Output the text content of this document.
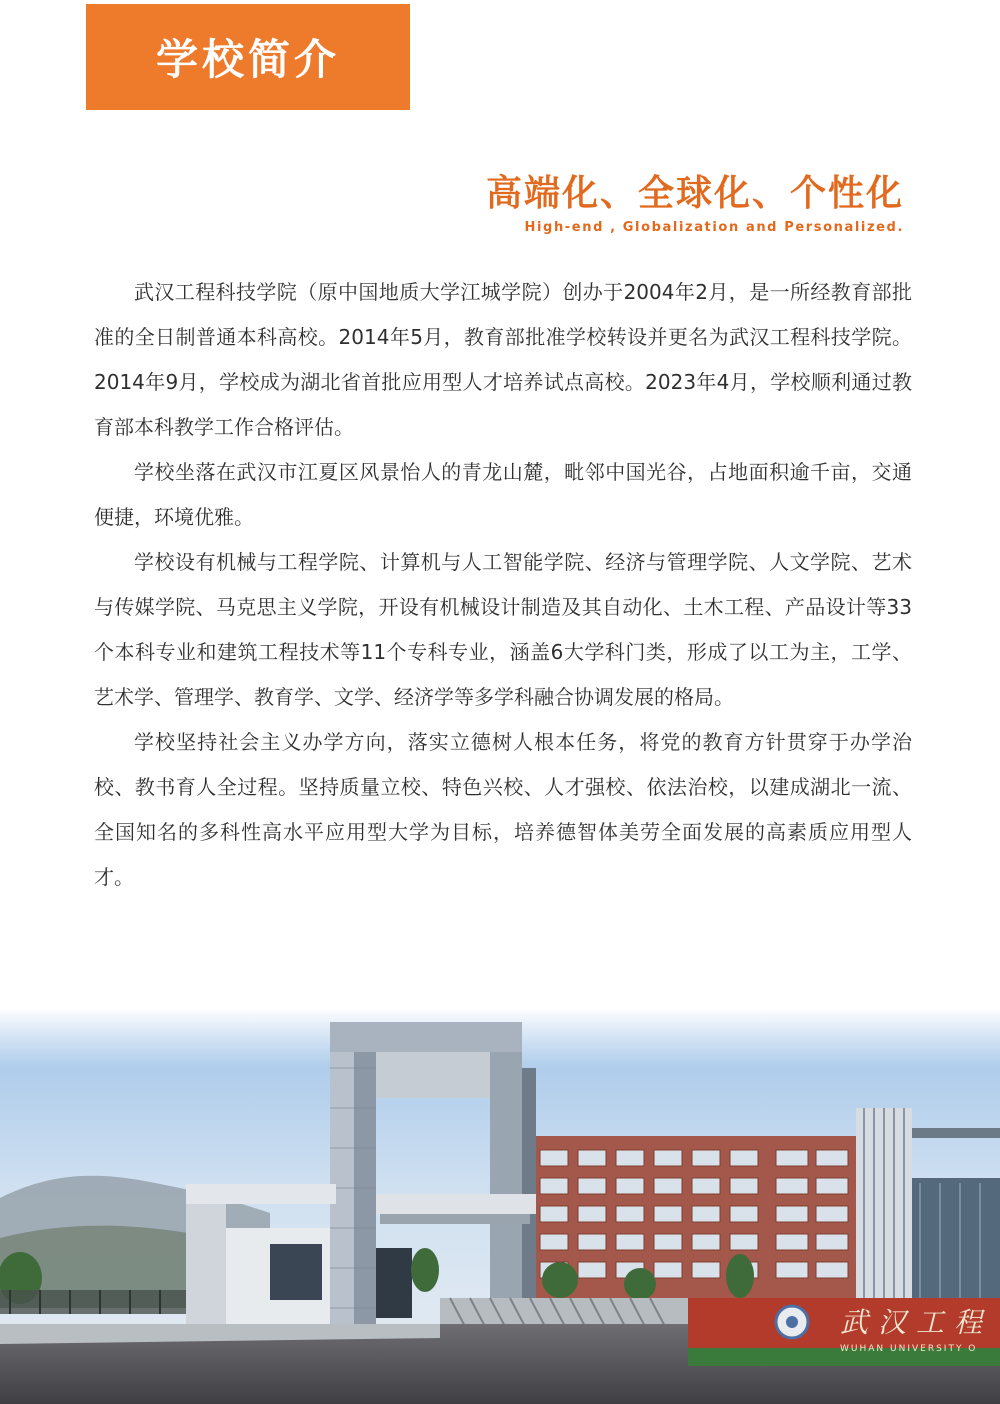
学校简介
高端化、全球化、个性化
High-end , Globalization and Personalized.

武汉工程科技学院（原中国地质大学江城学院）创办于2004年2月，是一所经教育部批准的全日制普通本科高校。2014年5月，教育部批准学校转设并更名为武汉工程科技学院。2014年9月，学校成为湖北省首批应用型人才培养试点高校。2023年4月，学校顺利通过教育部本科教学工作合格评估。

学校坐落在武汉市江夏区风景怡人的青龙山麓，毗邻中国光谷，占地面积逾千亩，交通便捷，环境优雅。

学校设有机械与工程学院、计算机与人工智能学院、经济与管理学院、人文学院、艺术与传媒学院、马克思主义学院，开设有机械设计制造及其自动化、土木工程、产品设计等33个本科专业和建筑工程技术等11个专科专业，涵盖6大学科门类，形成了以工为主，工学、艺术学、管理学、教育学、文学、经济学等多学科融合协调发展的格局。

学校坚持社会主义办学方向，落实立德树人根本任务，将党的教育方针贯穿于办学治校、教书育人全过程。坚持质量立校、特色兴校、人才强校、依法治校，以建成湖北一流、全国知名的多科性高水平应用型大学为目标，培养德智体美劳全面发展的高素质应用型人才。

武汉工程
WUHAN UNIVERSITY O
